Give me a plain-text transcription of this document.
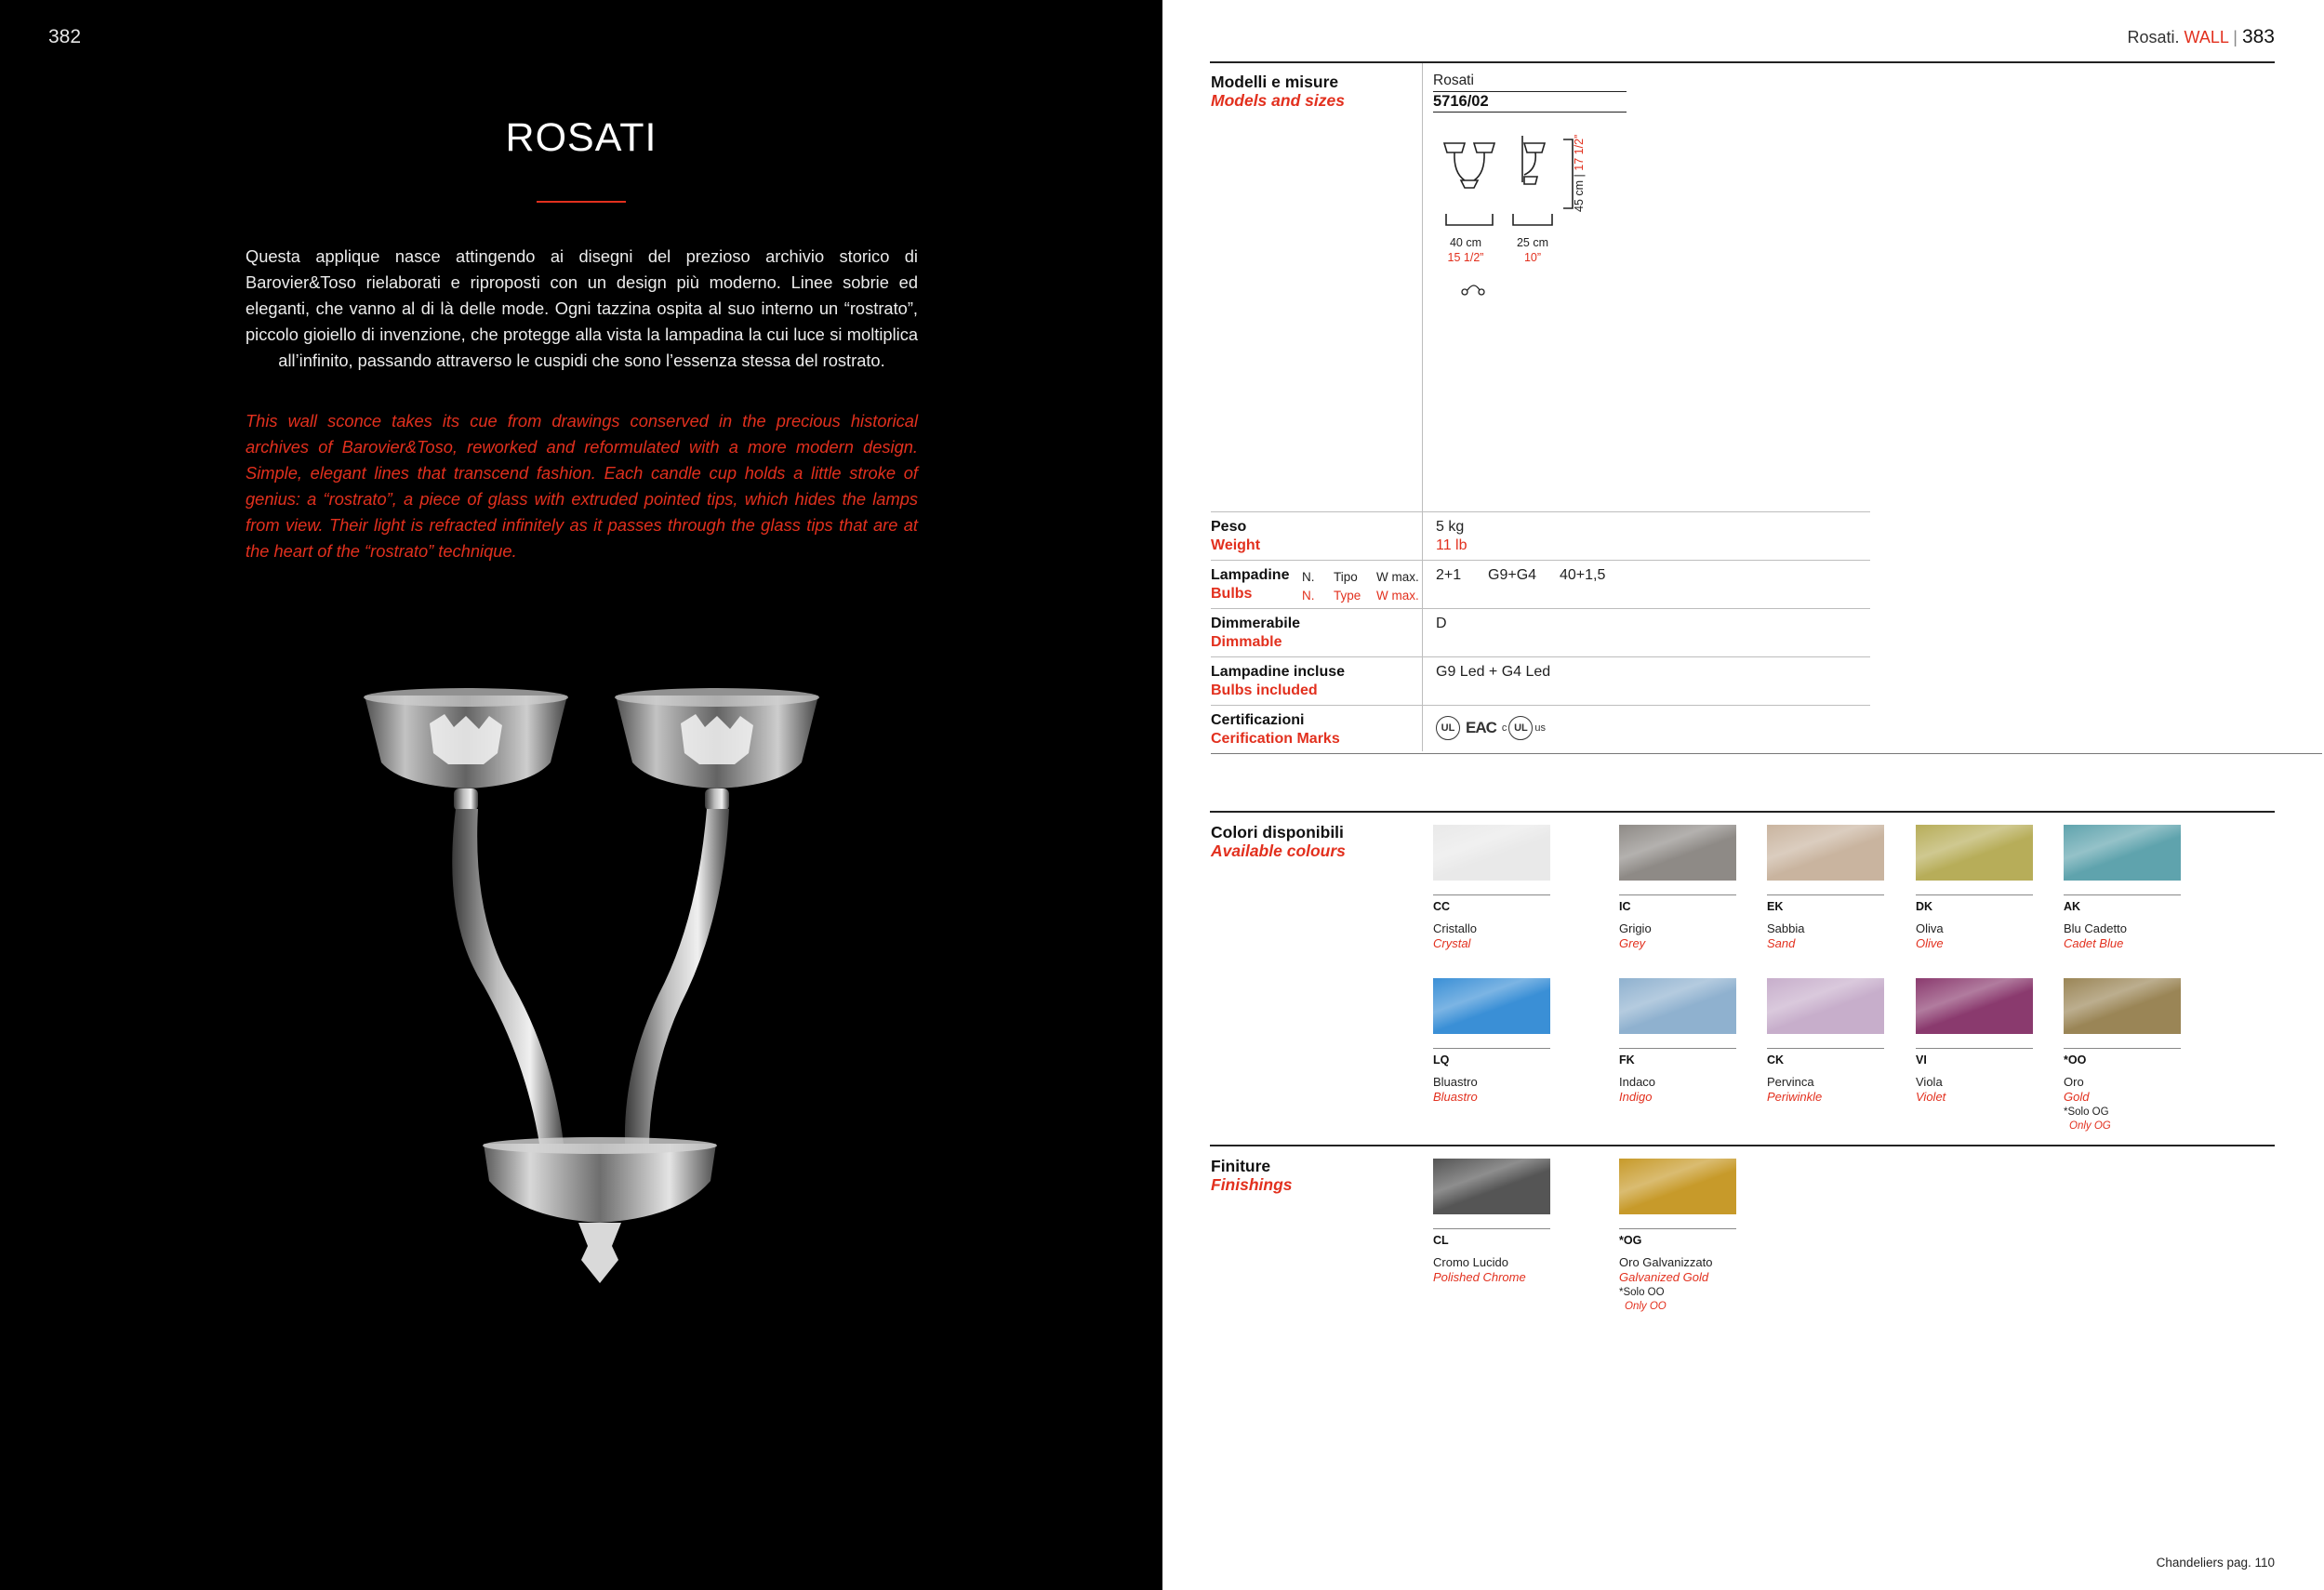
382
ROSATI

Questa applique nasce attingendo ai disegni del prezioso archivio storico di Barovier&Toso rielaborati e riproposti con un design più moderno. Linee sobrie ed eleganti, che vanno al di là delle mode. Ogni tazzina ospita al suo interno un “rostrato”, piccolo gioiello di invenzione, che protegge alla vista la lampadina la cui luce si moltiplica all’infinito, passando attraverso le cuspidi che sono l’essenza stessa del rostrato.

This wall sconce takes its cue from drawings conserved in the precious historical archives of Barovier&Toso, reworked and reformulated with a more modern design. Simple, elegant lines that transcend fashion. Each candle cup holds a little stroke of genius: a “rostrato”, a piece of glass with extruded pointed tips, which hides the lamps from view. Their light is refracted infinitely as it passes through the glass tips that are at the heart of the “rostrato” technique.

Rosati. WALL | 383
Modelli e misure
Models and sizes
Rosati
5716/02
40 cm
15 1/2”
25 cm
10”
45 cm | 17 1/2”
Peso
Weight
5 kg
11 lb
Lampadine
Bulbs
N. Tipo W max.
N. Type W max.
2+1 G9+G4 40+1,5
Dimmerabile
Dimmable
D
Lampadine incluse
Bulbs included
G9 Led + G4 Led
Certificazioni
Cerification Marks
UL EAC c UL us
Colori disponibili
Available colours
CC
Cristallo
Crystal
IC
Grigio
Grey
EK
Sabbia
Sand
DK
Oliva
Olive
AK
Blu Cadetto
Cadet Blue
LQ
Bluastro
Bluastro
FK
Indaco
Indigo
CK
Pervinca
Periwinkle
VI
Viola
Violet
*OO
Oro
Gold
*Solo OG
Only OG
Finiture
Finishings
CL
Cromo Lucido
Polished Chrome
*OG
Oro Galvanizzato
Galvanized Gold
*Solo OO
Only OO
Chandeliers pag. 110
